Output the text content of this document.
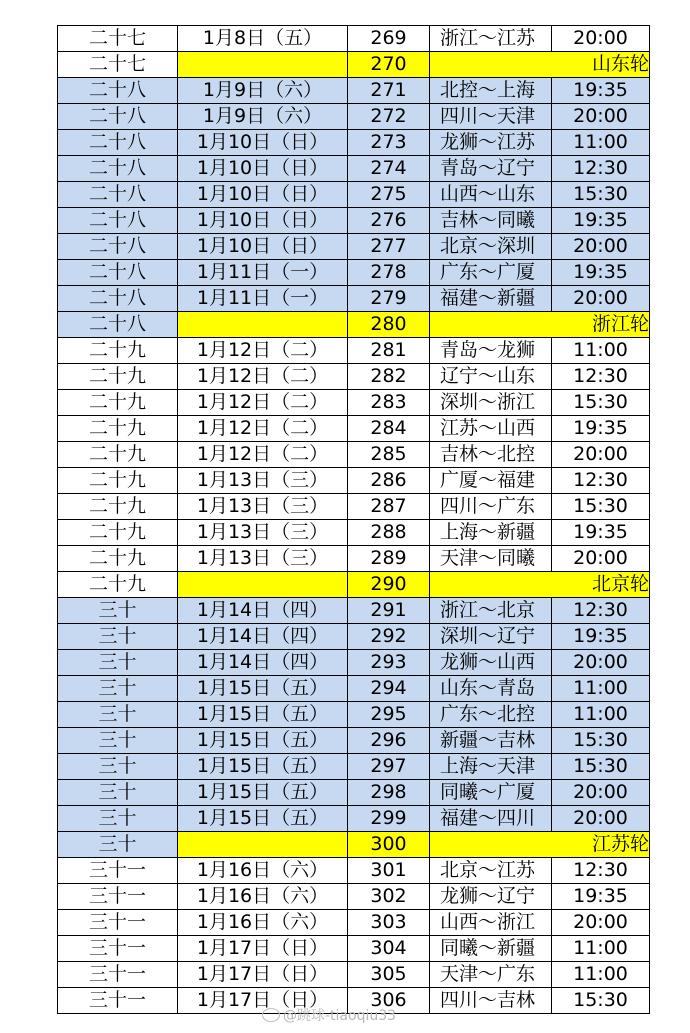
二十七	1月8日（五）	269	浙江～江苏	20:00
二十七		270	山东轮	
二十八	1月9日（六）	271	北控～上海	19:35
二十八	1月9日（六）	272	四川～天津	20:00
二十八	1月10日（日）	273	龙狮～江苏	11:00
二十八	1月10日（日）	274	青岛～辽宁	12:30
二十八	1月10日（日）	275	山西～山东	15:30
二十八	1月10日（日）	276	吉林～同曦	19:35
二十八	1月10日（日）	277	北京～深圳	20:00
二十八	1月11日（一）	278	广东～广厦	19:35
二十八	1月11日（一）	279	福建～新疆	20:00
二十八		280	浙江轮	
二十九	1月12日（二）	281	青岛～龙狮	11:00
二十九	1月12日（二）	282	辽宁～山东	12:30
二十九	1月12日（二）	283	深圳～浙江	15:30
二十九	1月12日（二）	284	江苏～山西	19:35
二十九	1月12日（二）	285	吉林～北控	20:00
二十九	1月13日（三）	286	广厦～福建	12:30
二十九	1月13日（三）	287	四川～广东	15:30
二十九	1月13日（三）	288	上海～新疆	19:35
二十九	1月13日（三）	289	天津～同曦	20:00
二十九		290	北京轮	
三十	1月14日（四）	291	浙江～北京	12:30
三十	1月14日（四）	292	深圳～辽宁	19:35
三十	1月14日（四）	293	龙狮～山西	20:00
三十	1月15日（五）	294	山东～青岛	11:00
三十	1月15日（五）	295	广东～北控	11:00
三十	1月15日（五）	296	新疆～吉林	15:30
三十	1月15日（五）	297	上海～天津	15:30
三十	1月15日（五）	298	同曦～广厦	20:00
三十	1月15日（五）	299	福建～四川	20:00
三十		300	江苏轮	
三十一	1月16日（六）	301	北京～江苏	12:30
三十一	1月16日（六）	302	龙狮～辽宁	19:35
三十一	1月16日（六）	303	山西～浙江	20:00
三十一	1月17日（日）	304	同曦～新疆	11:00
三十一	1月17日（日）	305	天津～广东	11:00
三十一	1月17日（日）	306	四川～吉林	15:30
@跳球-tiaoqiu33
